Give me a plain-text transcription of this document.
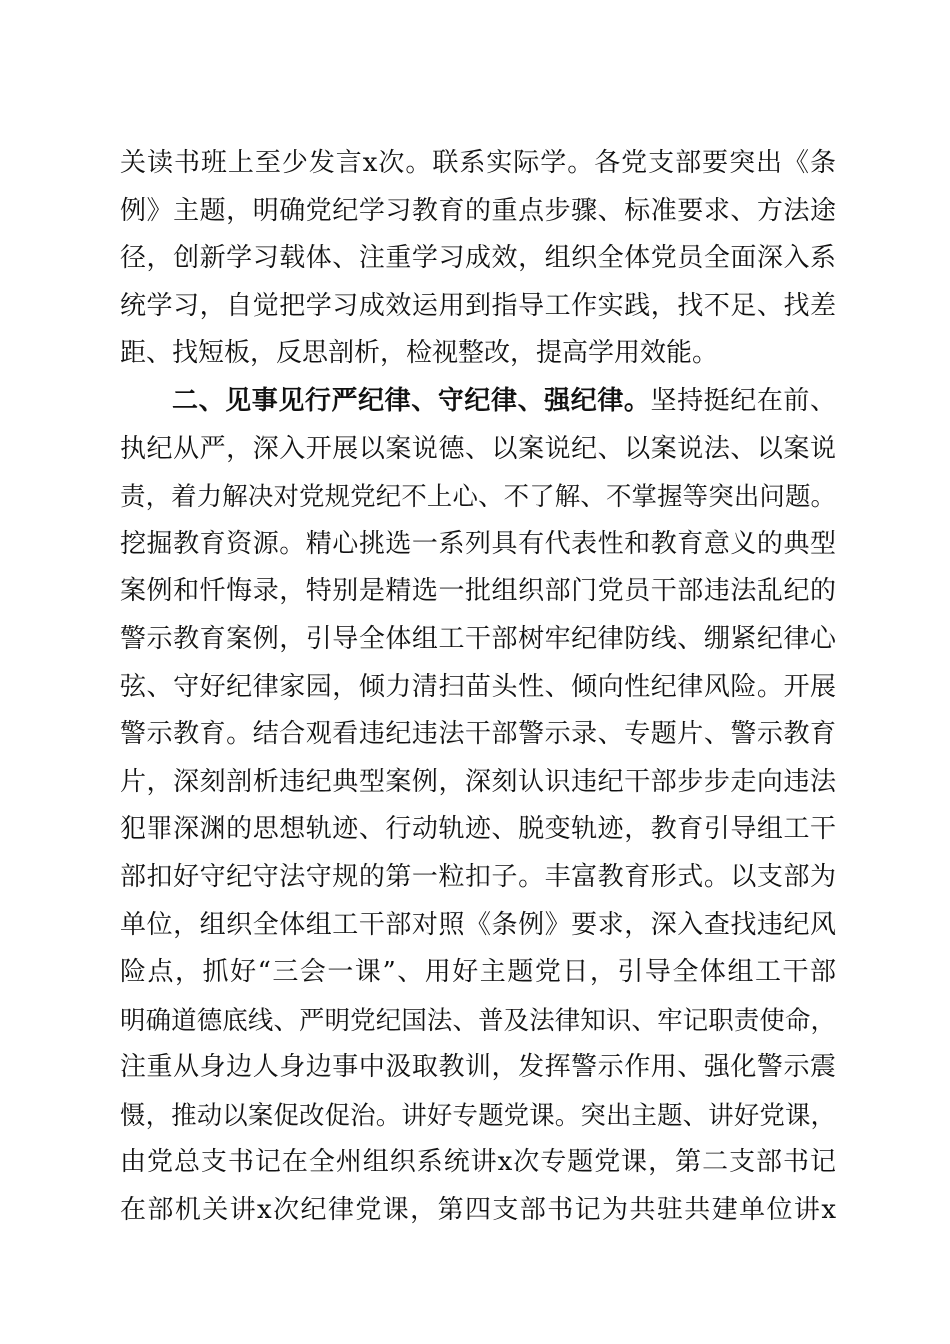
关读书班上至少发言x次。联系实际学。各党支部要突出《条
例》主题，明确党纪学习教育的重点步骤、标准要求、方法途
径，创新学习载体、注重学习成效，组织全体党员全面深入系
统学习，自觉把学习成效运用到指导工作实践，找不足、找差
距、找短板，反思剖析，检视整改，提高学用效能。
二、见事见行严纪律、守纪律、强纪律。坚持挺纪在前、
执纪从严，深入开展以案说德、以案说纪、以案说法、以案说
责，着力解决对党规党纪不上心、不了解、不掌握等突出问题。
挖掘教育资源。精心挑选一系列具有代表性和教育意义的典型
案例和忏悔录，特别是精选一批组织部门党员干部违法乱纪的
警示教育案例，引导全体组工干部树牢纪律防线、绷紧纪律心
弦、守好纪律家园，倾力清扫苗头性、倾向性纪律风险。开展
警示教育。结合观看违纪违法干部警示录、专题片、警示教育
片，深刻剖析违纪典型案例，深刻认识违纪干部步步走向违法
犯罪深渊的思想轨迹、行动轨迹、脱变轨迹，教育引导组工干
部扣好守纪守法守规的第一粒扣子。丰富教育形式。以支部为
单位，组织全体组工干部对照《条例》要求，深入查找违纪风
险点，抓好“三会一课”、用好主题党日，引导全体组工干部
明确道德底线、严明党纪国法、普及法律知识、牢记职责使命，
注重从身边人身边事中汲取教训，发挥警示作用、强化警示震
慑，推动以案促改促治。讲好专题党课。突出主题、讲好党课，
由党总支书记在全州组织系统讲x次专题党课，第二支部书记
在部机关讲x次纪律党课，第四支部书记为共驻共建单位讲x
